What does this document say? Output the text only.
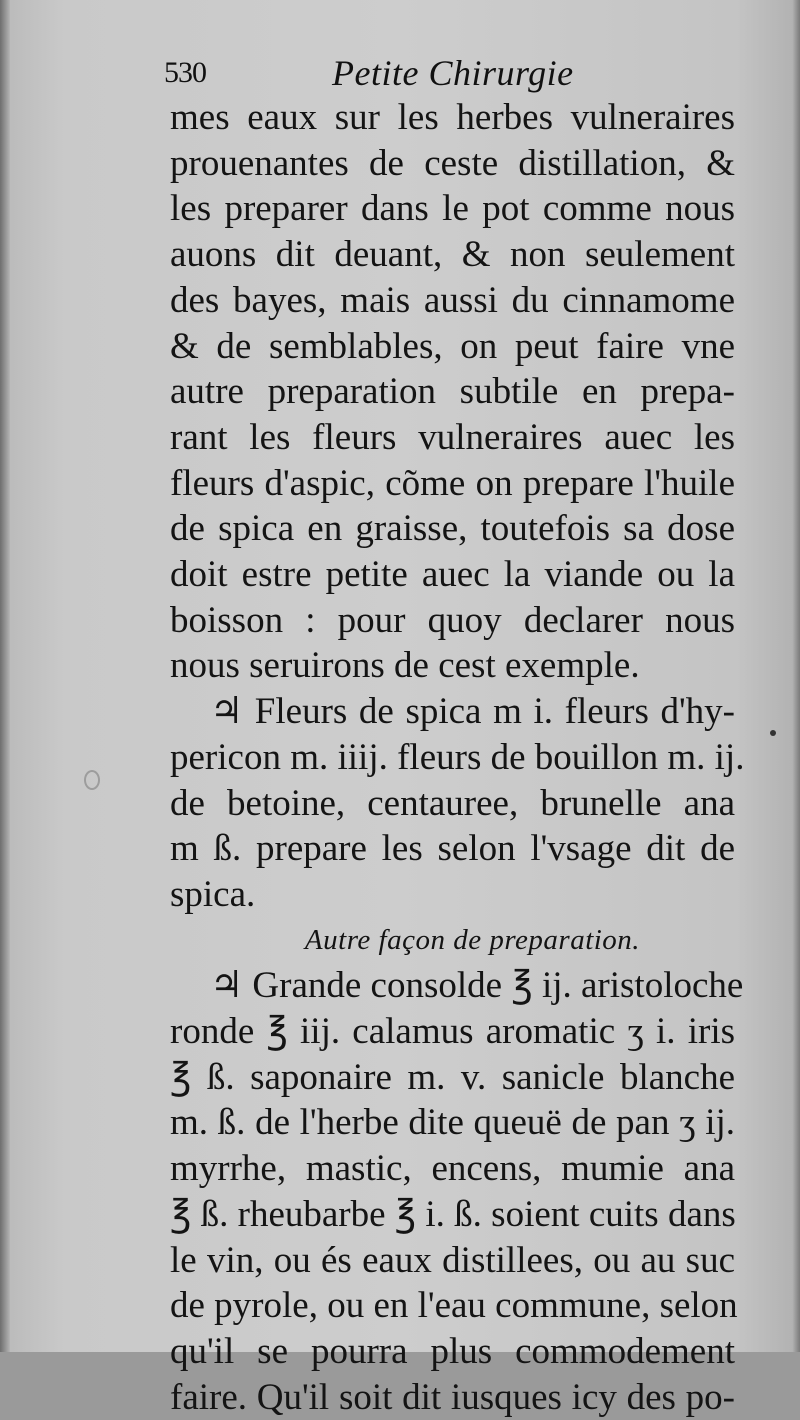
530	Petite Chirurgie
mes eaux sur les herbes vulneraires
prouenantes de ceste distillation, &
les preparer dans le pot comme nous
auons dit deuant, & non seulement
des bayes, mais aussi du cinnamome
& de semblables, on peut faire vne
autre preparation subtile en prepa-
rant les fleurs vulneraires auec les
fleurs d'aspic, cõme on prepare l'huile
de spica en graisse, toutefois sa dose
doit estre petite auec la viande ou la
boisson : pour quoy declarer nous
nous seruirons de cest exemple.
♃ Fleurs de spica m i. fleurs d'hy-
pericon m. iiij. fleurs de bouillon m. ij.
de betoine, centauree, brunelle ana
m ß. prepare les selon l'vsage dit de
spica.
Autre façon de preparation.
♃ Grande consolde ℥ ij. aristoloche
ronde ℥ iij. calamus aromatic ʒ i. iris
℥ ß. saponaire m. v. sanicle blanche
m. ß. de l'herbe dite queuë de pan ʒ ij.
myrrhe, mastic, encens, mumie ana
℥ ß. rheubarbe ℥ i. ß. soient cuits dans
le vin, ou és eaux distillees, ou au suc
de pyrole, ou en l'eau commune, selon
qu'il se pourra plus commodement
faire. Qu'il soit dit iusques icy des po-
